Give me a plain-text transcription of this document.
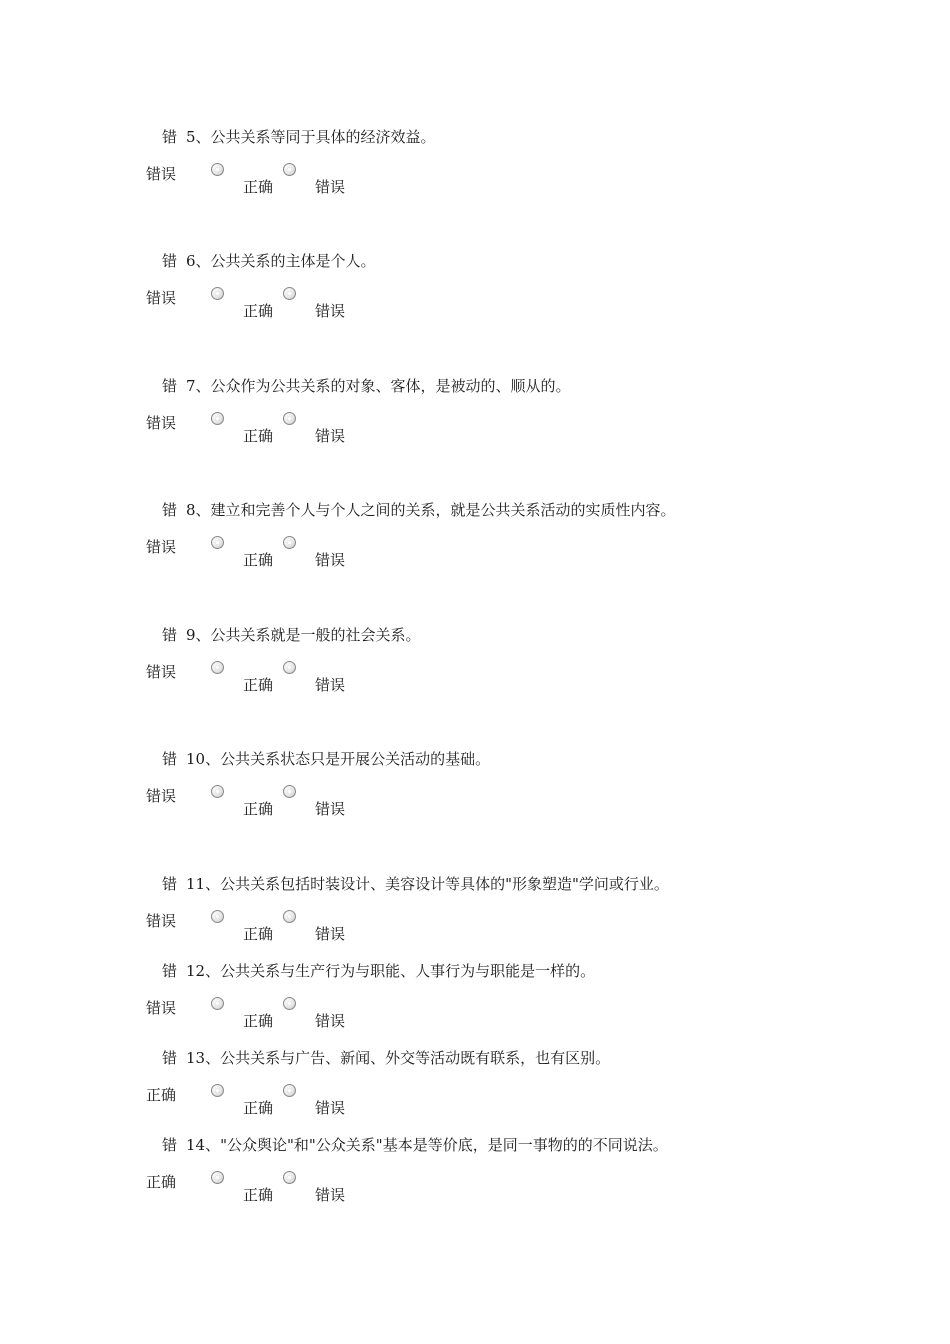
错 5、公共关系等同于具体的经济效益。
错误
正确	错误
错 6、公共关系的主体是个人。
错误
正确	错误
错 7、公众作为公共关系的对象、客体，是被动的、顺从的。
错误
正确	错误
错 8、建立和完善个人与个人之间的关系，就是公共关系活动的实质性内容。
错误
正确	错误
错 9、公共关系就是一般的社会关系。
错误
正确	错误
错 10、公共关系状态只是开展公关活动的基础。
错误
正确	错误
错 11、公共关系包括时装设计、美容设计等具体的"形象塑造"学问或行业。
错误
正确	错误
错 12、公共关系与生产行为与职能、人事行为与职能是一样的。
错误
正确	错误
错 13、公共关系与广告、新闻、外交等活动既有联系，也有区别。
正确
正确	错误
错 14、"公众舆论"和"公众关系"基本是等价底，是同一事物的的不同说法。
正确
正确	错误
